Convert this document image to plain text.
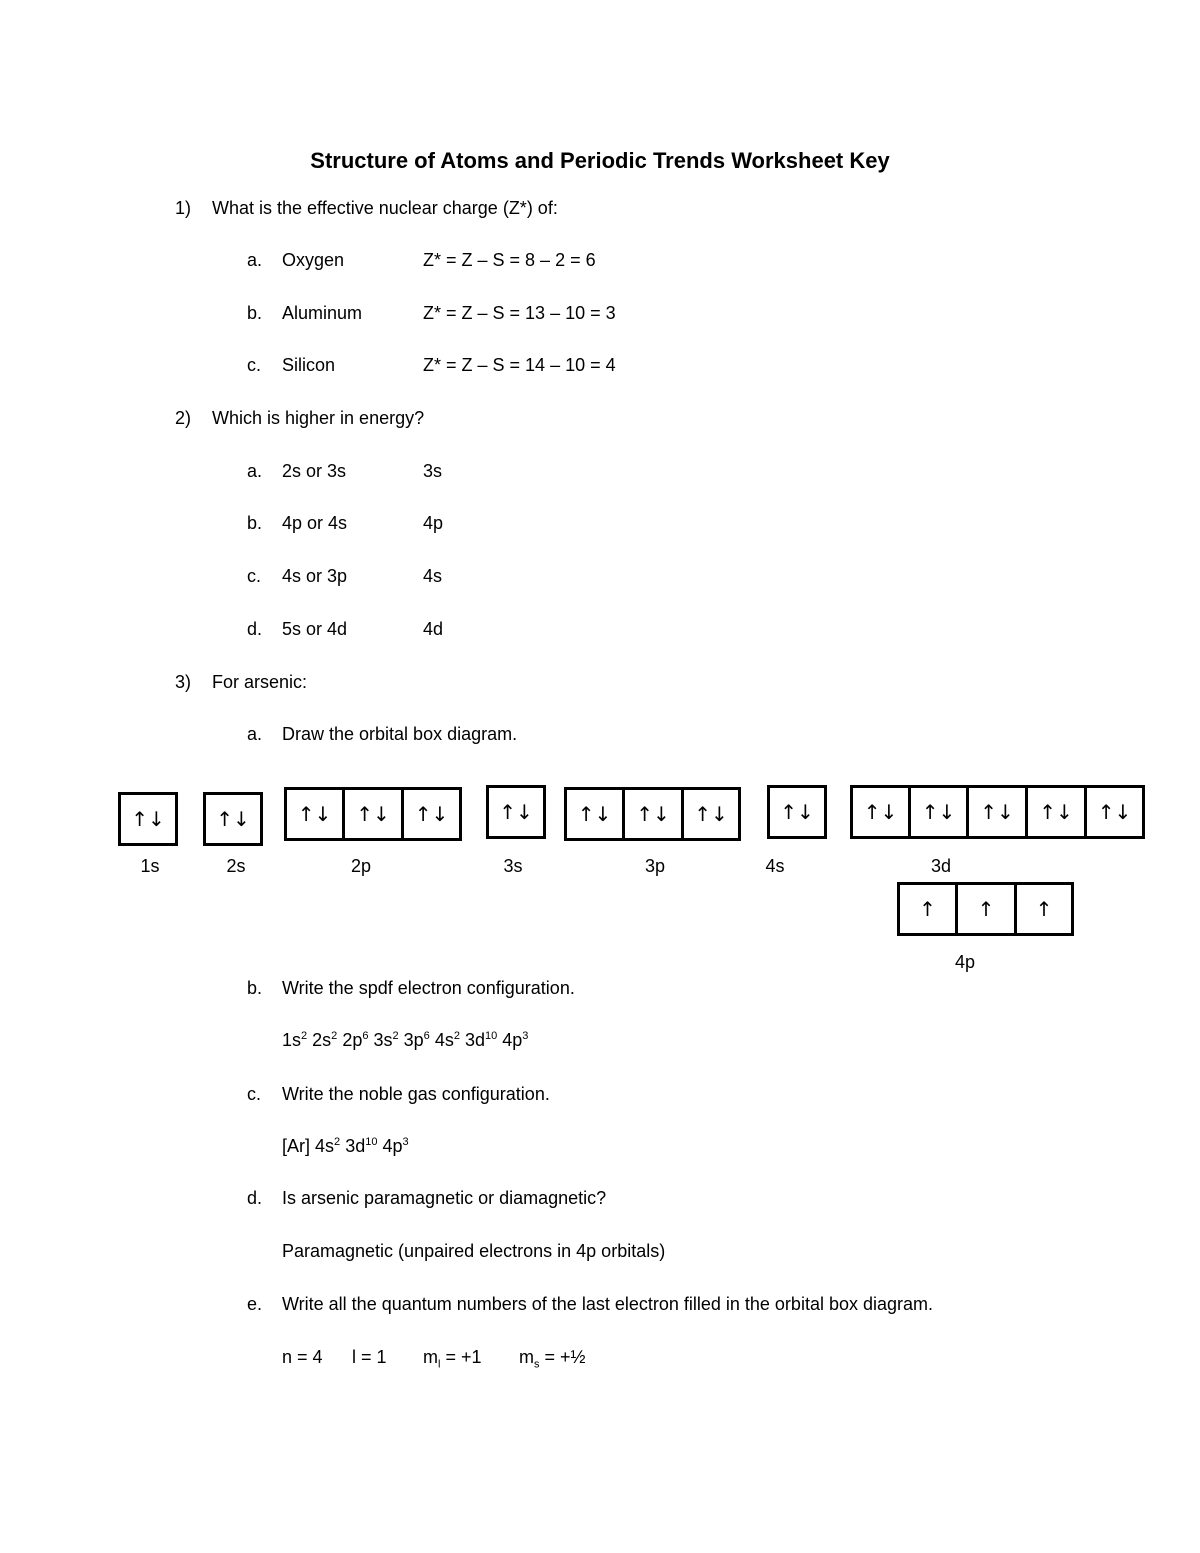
Structure of Atoms and Periodic Trends Worksheet Key
1) What is the effective nuclear charge (Z*) of:
a. Oxygen	Z* = Z – S = 8 – 2 = 6
b. Aluminum	Z* = Z – S = 13 – 10 = 3
c. Silicon	Z* = Z – S = 14 – 10 = 4
2) Which is higher in energy?
a. 2s or 3s	3s
b. 4p or 4s	4p
c. 4s or 3p	4s
d. 5s or 4d	4d
3) For arsenic:
a. Draw the orbital box diagram.
↑↓	↑↓	↑↓	↑↓	↑↓	↑↓	↑↓	↑↓	↑↓	↑↓	↑↓	↑↓	↑↓	↑↓	↑↓
↑	↑	↑
1s	2s	2p	3s	3p	4s	3d
4p
b. Write the spdf electron configuration.
$1s^2$ $2s^2$ $2p^6$ $3s^2$ $3p^6$ $4s^2$ $3d^{10}$ $4p^3$
c. Write the noble gas configuration.
[Ar] $4s^2$ $3d^{10}$ $4p^3$
d. Is arsenic paramagnetic or diamagnetic?
Paramagnetic (unpaired electrons in 4p orbitals)
e. Write all the quantum numbers of the last electron filled in the orbital box diagram.
n = 4 l = 1 $m_l = +1$ $m_s$ = +½
